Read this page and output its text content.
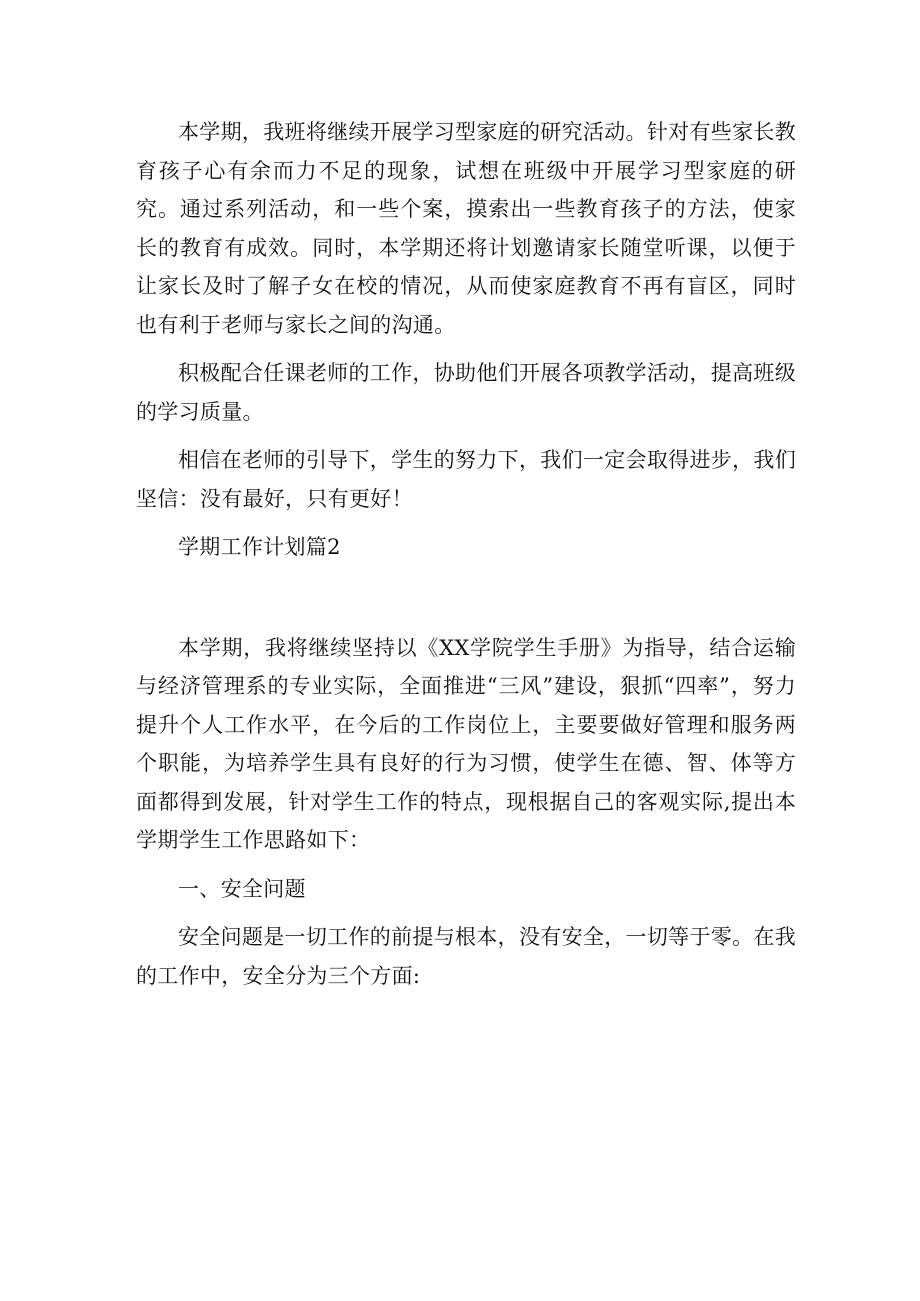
本学期，我班将继续开展学习型家庭的研究活动。针对有些家长教育孩子心有余而力不足的现象，试想在班级中开展学习型家庭的研究。通过系列活动，和一些个案，摸索出一些教育孩子的方法，使家长的教育有成效。同时，本学期还将计划邀请家长随堂听课，以便于让家长及时了解子女在校的情况，从而使家庭教育不再有盲区，同时也有利于老师与家长之间的沟通。

积极配合任课老师的工作，协助他们开展各项教学活动，提高班级的学习质量。

相信在老师的引导下，学生的努力下，我们一定会取得进步，我们坚信：没有最好，只有更好！

学期工作计划篇2

本学期，我将继续坚持以《XX学院学生手册》为指导，结合运输与经济管理系的专业实际，全面推进“三风”建设，狠抓“四率”，努力提升个人工作水平，在今后的工作岗位上，主要要做好管理和服务两个职能，为培养学生具有良好的行为习惯，使学生在德、智、体等方面都得到发展，针对学生工作的特点，现根据自己的客观实际,提出本学期学生工作思路如下：

一、安全问题

安全问题是一切工作的前提与根本，没有安全，一切等于零。在我的工作中，安全分为三个方面:
